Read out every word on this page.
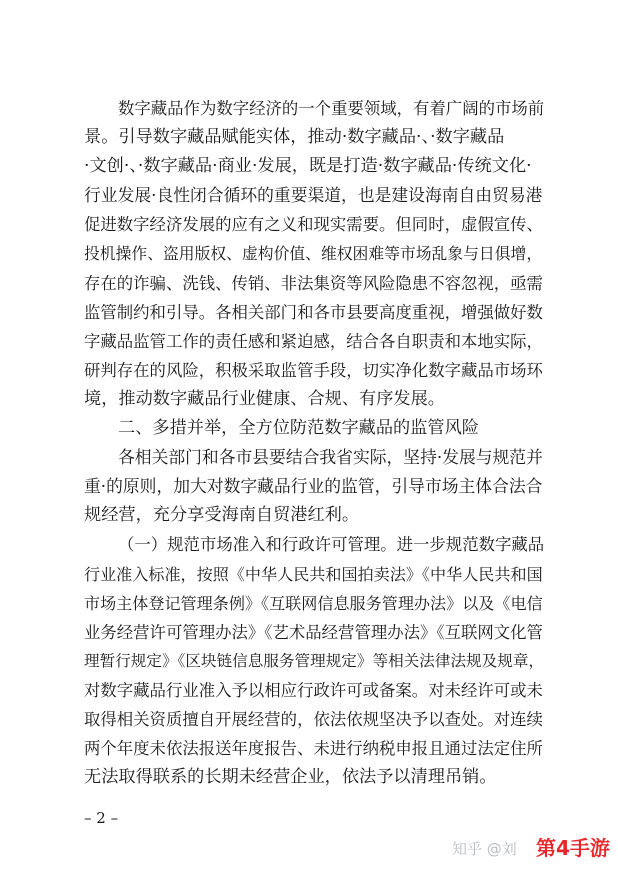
数字藏品作为数字经济的一个重要领域，有着广阔的市场前
景。引导数字藏品赋能实体，推动·数字藏品·、·数字藏品
·文创·、·数字藏品·商业·发展，既是打造·数字藏品·传统文化·
行业发展·良性闭合循环的重要渠道，也是建设海南自由贸易港
促进数字经济发展的应有之义和现实需要。但同时，虚假宣传、
投机操作、盗用版权、虚构价值、维权困难等市场乱象与日俱增，
存在的诈骗、洗钱、传销、非法集资等风险隐患不容忽视，亟需
监管制约和引导。各相关部门和各市县要高度重视，增强做好数
字藏品监管工作的责任感和紧迫感，结合各自职责和本地实际，
研判存在的风险，积极采取监管手段，切实净化数字藏品市场环
境，推动数字藏品行业健康、合规、有序发展。
二、多措并举，全方位防范数字藏品的监管风险
各相关部门和各市县要结合我省实际，坚持·发展与规范并
重·的原则，加大对数字藏品行业的监管，引导市场主体合法合
规经营，充分享受海南自贸港红利。
（一）规范市场准入和行政许可管理。进一步规范数字藏品
行业准入标准，按照《中华人民共和国拍卖法》《中华人民共和国
市场主体登记管理条例》《互联网信息服务管理办法》以及《电信
业务经营许可管理办法》《艺术品经营管理办法》《互联网文化管
理暂行规定》《区块链信息服务管理规定》等相关法律法规及规章，
对数字藏品行业准入予以相应行政许可或备案。对未经许可或未
取得相关资质擅自开展经营的，依法依规坚决予以查处。对连续
两个年度未依法报送年度报告、未进行纳税申报且通过法定住所
无法取得联系的长期未经营企业，依法予以清理吊销。
– 2 –
知乎 @刘 第4手游
